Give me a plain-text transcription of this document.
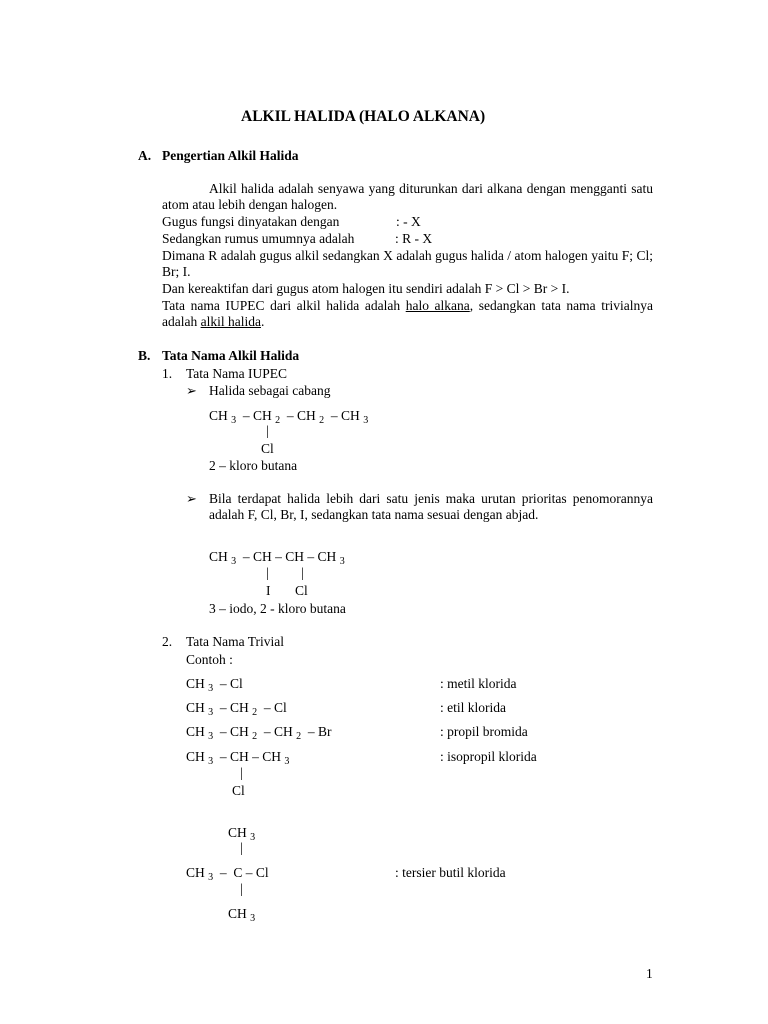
ALKIL HALIDA (HALO ALKANA)
A. Pengertian Alkil Halida
Alkil halida adalah senyawa yang diturunkan dari alkana dengan mengganti satu atom atau lebih dengan halogen.
Gugus fungsi dinyatakan dengan	: - X
Sedangkan rumus umumnya adalah	: R - X
Dimana R adalah gugus alkil sedangkan X adalah gugus halida / atom halogen yaitu F; Cl; Br; I.
Dan kereaktifan dari gugus atom halogen itu sendiri adalah F > Cl > Br > I.
Tata nama IUPEC dari alkil halida adalah halo alkana, sedangkan tata nama trivialnya adalah alkil halida.
B. Tata Nama Alkil Halida
1. Tata Nama IUPEC
➢ Halida sebagai cabang
CH $_3$ – CH $_2$ – CH $_2$ – CH $_3$
|
Cl
2 – kloro butana
➢ Bila terdapat halida lebih dari satu jenis maka urutan prioritas penomorannya adalah F, Cl, Br, I, sedangkan tata nama sesuai dengan abjad.
CH $_3$ – CH – CH – CH $_3$
| |
I Cl
3 – iodo, 2 - kloro butana
2. Tata Nama Trivial
Contoh :
CH $_3$ – Cl	: metil klorida
CH $_3$ – CH $_2$ – Cl	: etil klorida
CH $_3$ – CH $_2$ – CH $_2$ – Br	: propil bromida
CH $_3$ – CH – CH $_3$	: isopropil klorida
|
Cl
CH $_3$
|
CH $_3$ – C – Cl	: tersier butil klorida
|
CH $_3$
1
